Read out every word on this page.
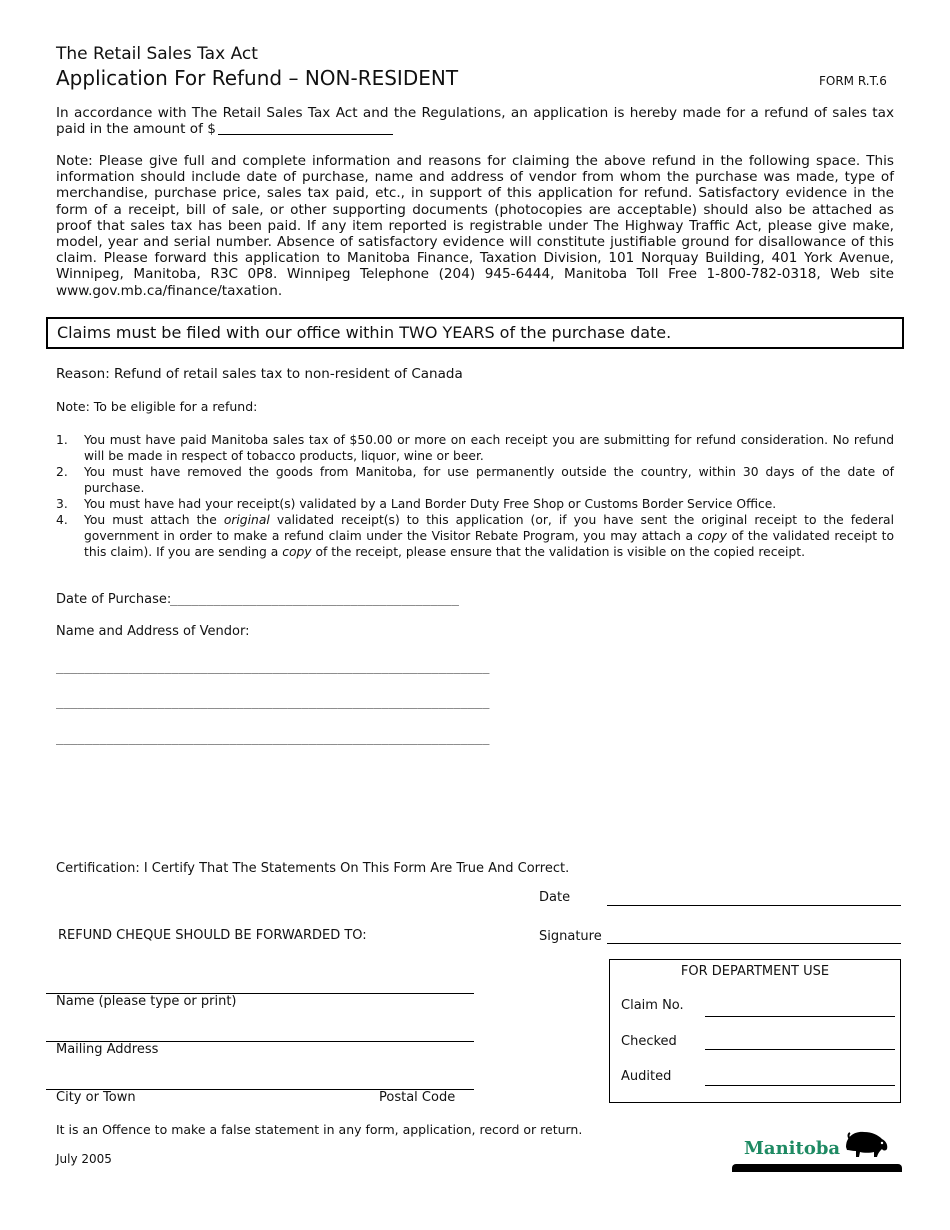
The Retail Sales Tax Act
Application For Refund – NON-RESIDENT	FORM R.T.6
In accordance with The Retail Sales Tax Act and the Regulations, an application is hereby made for a refund of sales tax paid in the amount of $
Note: Please give full and complete information and reasons for claiming the above refund in the following space. This information should include date of purchase, name and address of vendor from whom the purchase was made, type of merchandise, purchase price, sales tax paid, etc., in support of this application for refund. Satisfactory evidence in the form of a receipt, bill of sale, or other supporting documents (photocopies are acceptable) should also be attached as proof that sales tax has been paid. If any item reported is registrable under The Highway Traffic Act, please give make, model, year and serial number. Absence of satisfactory evidence will constitute justifiable ground for disallowance of this claim. Please forward this application to Manitoba Finance, Taxation Division, 101 Norquay Building, 401 York Avenue, Winnipeg, Manitoba, R3C 0P8. Winnipeg Telephone (204) 945-6444, Manitoba Toll Free 1-800-782-0318, Web site www.gov.mb.ca/finance/taxation.
Claims must be filed with our office within TWO YEARS of the purchase date.
Reason: Refund of retail sales tax to non-resident of Canada
Note: To be eligible for a refund:
1.	You must have paid Manitoba sales tax of $50.00 or more on each receipt you are submitting for refund consideration. No refund will be made in respect of tobacco products, liquor, wine or beer.
2.	You must have removed the goods from Manitoba, for use permanently outside the country, within 30 days of the date of purchase.
3.	You must have had your receipt(s) validated by a Land Border Duty Free Shop or Customs Border Service Office.
4.	You must attach the original validated receipt(s) to this application (or, if you have sent the original receipt to the federal government in order to make a refund claim under the Visitor Rebate Program, you may attach a copy of the validated receipt to this claim). If you are sending a copy of the receipt, please ensure that the validation is visible on the copied receipt.
Date of Purchase:
________________________________________
Name and Address of Vendor:
____________________________________________________________
____________________________________________________________
____________________________________________________________
Certification: I Certify That The Statements On This Form Are True And Correct.
Date
Signature
REFUND CHEQUE SHOULD BE FORWARDED TO:
Name (please type or print)
Mailing Address
City or Town	Postal Code
FOR DEPARTMENT USE
Claim No.
Checked
Audited
It is an Offence to make a false statement in any form, application, record or return.
July 2005	Manitoba
